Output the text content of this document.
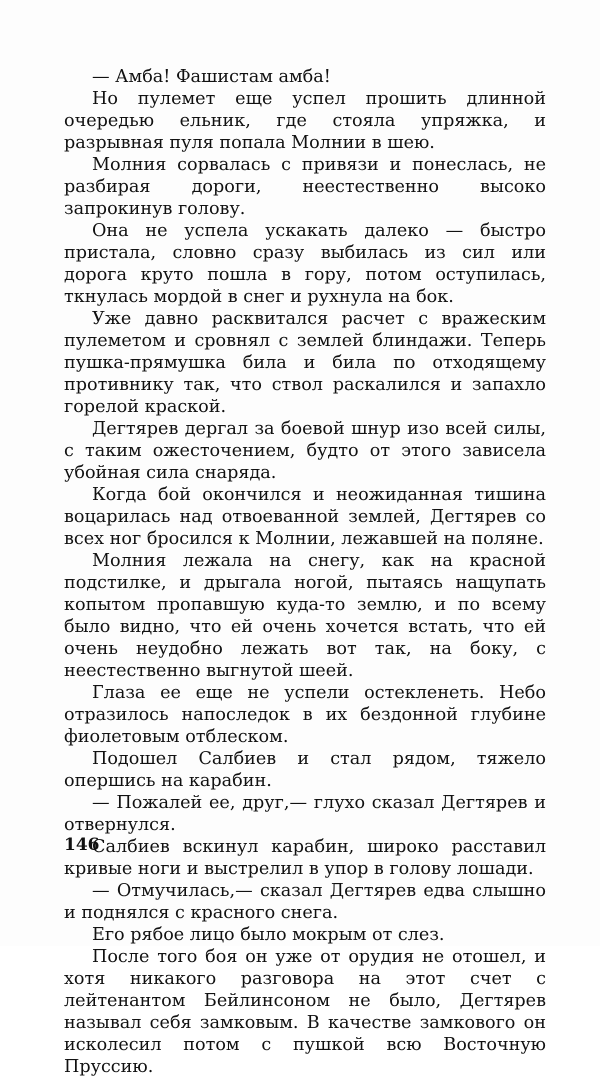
— Амба! Фашистам амба!

Но пулемет еще успел прошить длинной очередью ельник, где стояла упряжка, и разрывная пуля попала Молнии в шею.

Молния сорвалась с привязи и понеслась, не разбирая дороги, неестественно высоко запрокинув голову.

Она не успела ускакать далеко — быстро пристала, словно сразу выбилась из сил или дорога круто пошла в гору, потом оступилась, ткнулась мордой в снег и рухнула на бок.

Уже давно расквитался расчет с вражеским пулеметом и сровнял с землей блиндажи. Теперь пушка-прямушка била и била по отходящему противнику так, что ствол раскалился и запахло горелой краской.

Дегтярев дергал за боевой шнур изо всей силы, с таким ожесточением, будто от этого зависела убойная сила снаряда.

Когда бой окончился и неожиданная тишина воцарилась над отвоеванной землей, Дегтярев со всех ног бросился к Молнии, лежавшей на поляне.

Молния лежала на снегу, как на красной подстилке, и дрыгала ногой, пытаясь нащупать копытом пропавшую куда-то землю, и по всему было видно, что ей очень хочется встать, что ей очень неудобно лежать вот так, на боку, с неестественно выгнутой шеей.

Глаза ее еще не успели остекленеть. Небо отразилось напоследок в их бездонной глубине фиолетовым отблеском.

Подошел Салбиев и стал рядом, тяжело опершись на карабин.

— Пожалей ее, друг,— глухо сказал Дегтярев и отвернулся.

Салбиев вскинул карабин, широко расставил кривые ноги и выстрелил в упор в голову лошади.

— Отмучилась,— сказал Дегтярев едва слышно и поднялся с красного снега.

Его рябое лицо было мокрым от слез.

После того боя он уже от орудия не отошел, и хотя никакого разговора на этот счет с лейтенантом Бейлинсоном не было, Дегтярев называл себя замковым. В качестве замкового он исколесил потом с пушкой всю Восточную Пруссию.

146
